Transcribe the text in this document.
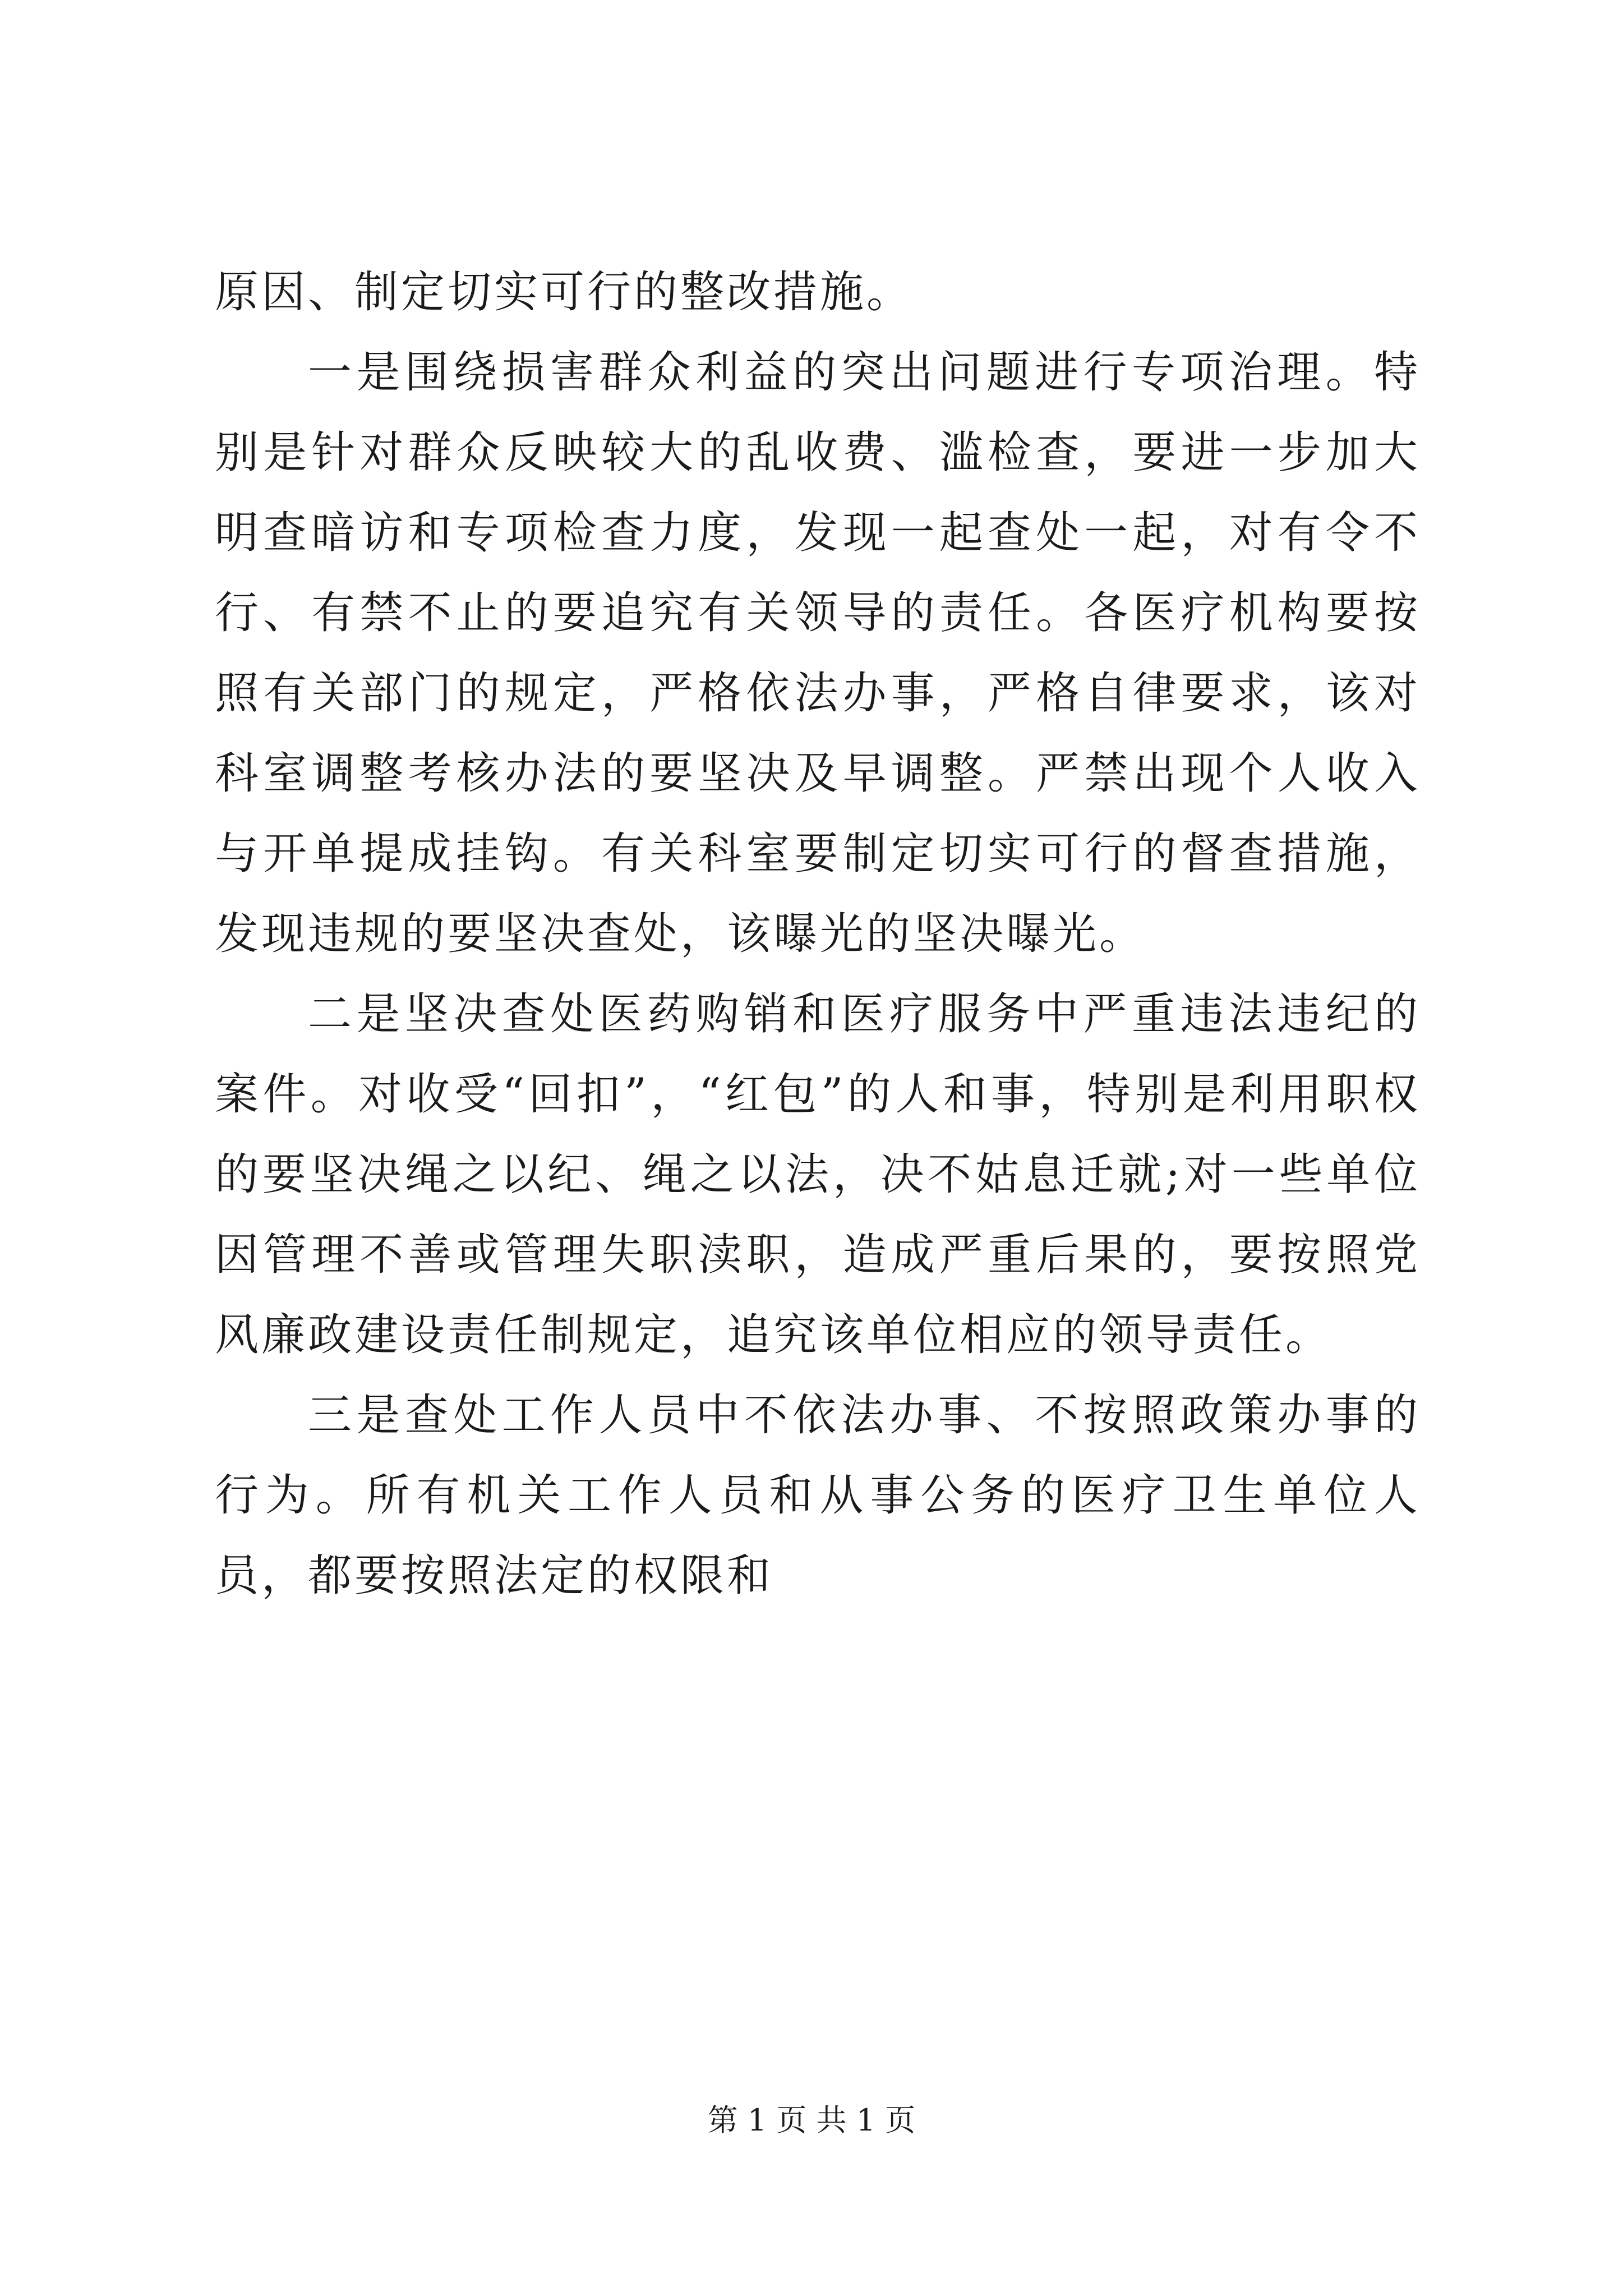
原因、制定切实可行的整改措施。

一是围绕损害群众利益的突出问题进行专项治理。特别是针对群众反映较大的乱收费、滥检查，要进一步加大明查暗访和专项检查力度，发现一起查处一起，对有令不行、有禁不止的要追究有关领导的责任。各医疗机构要按照有关部门的规定，严格依法办事，严格自律要求，该对科室调整考核办法的要坚决及早调整。严禁出现个人收入与开单提成挂钩。有关科室要制定切实可行的督查措施，发现违规的要坚决查处，该曝光的坚决曝光。

二是坚决查处医药购销和医疗服务中严重违法违纪的案件。对收受“回扣”，“红包”的人和事，特别是利用职权的要坚决绳之以纪、绳之以法，决不姑息迁就;对一些单位因管理不善或管理失职渎职，造成严重后果的，要按照党风廉政建设责任制规定，追究该单位相应的领导责任。

三是查处工作人员中不依法办事、不按照政策办事的行为。所有机关工作人员和从事公务的医疗卫生单位人员，都要按照法定的权限和

第 1 页 共 1 页
